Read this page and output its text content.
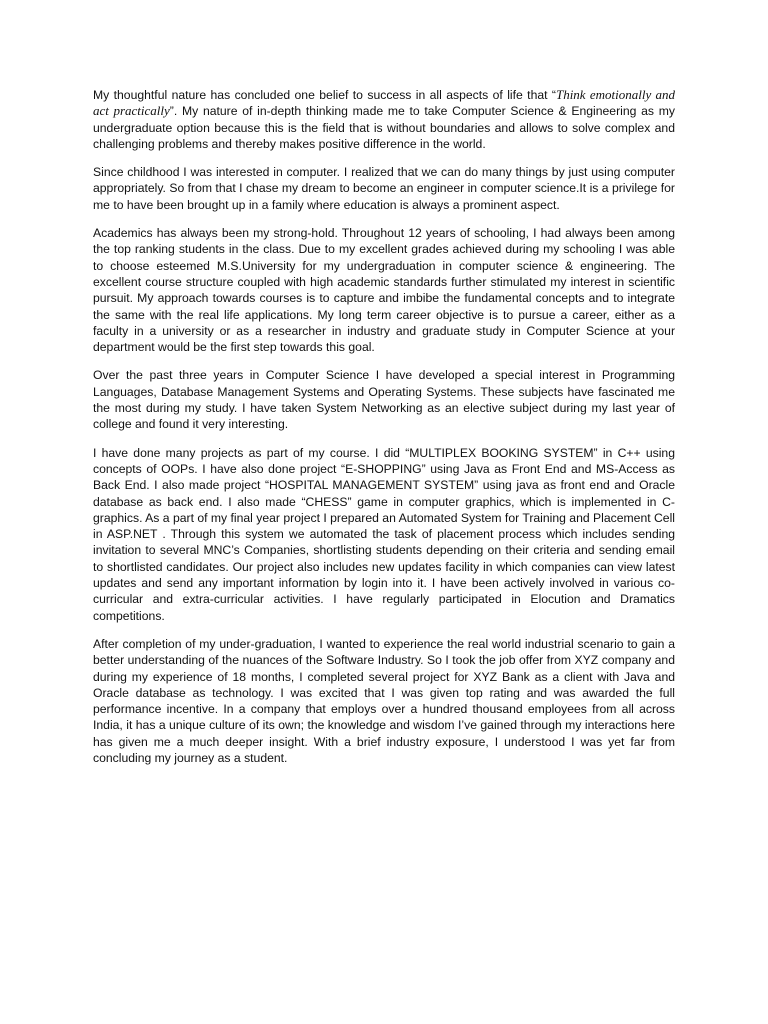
My thoughtful nature has concluded one belief to success in all aspects of life that “Think emotionally and act practically”. My nature of in-depth thinking made me to take Computer Science & Engineering as my undergraduate option because this is the field that is without boundaries and allows to solve complex and challenging problems and thereby makes positive difference in the world.

Since childhood I was interested in computer. I realized that we can do many things by just using computer appropriately. So from that I chase my dream to become an engineer in computer science.It is a privilege for me to have been brought up in a family where education is always a prominent aspect.

Academics has always been my strong-hold. Throughout 12 years of schooling, I had always been among the top ranking students in the class. Due to my excellent grades achieved during my schooling I was able to choose esteemed M.S.University for my undergraduation in computer science & engineering. The excellent course structure coupled with high academic standards further stimulated my interest in scientific pursuit. My approach towards courses is to capture and imbibe the fundamental concepts and to integrate the same with the real life applications. My long term career objective is to pursue a career, either as a faculty in a university or as a researcher in industry and graduate study in Computer Science at your department would be the first step towards this goal.

Over the past three years in Computer Science I have developed a special interest in Programming Languages, Database Management Systems and Operating Systems. These subjects have fascinated me the most during my study. I have taken System Networking as an elective subject during my last year of college and found it very interesting.

I have done many projects as part of my course. I did “MULTIPLEX BOOKING SYSTEM” in C++ using concepts of OOPs. I have also done project “E-SHOPPING” using Java as Front End and MS-Access as Back End. I also made project “HOSPITAL MANAGEMENT SYSTEM” using java as front end and Oracle database as back end. I also made “CHESS” game in computer graphics, which is implemented in C-graphics. As a part of my final year project I prepared an Automated System for Training and Placement Cell in ASP.NET . Through this system we automated the task of placement process which includes sending invitation to several MNC’s Companies, shortlisting students depending on their criteria and sending email to shortlisted candidates. Our project also includes new updates facility in which companies can view latest updates and send any important information by login into it. I have been actively involved in various co-curricular and extra-curricular activities. I have regularly participated in Elocution and Dramatics competitions.

After completion of my under-graduation, I wanted to experience the real world industrial scenario to gain a better understanding of the nuances of the Software Industry. So I took the job offer from XYZ company and during my experience of 18 months, I completed several project for XYZ Bank as a client with Java and Oracle database as technology. I was excited that I was given top rating and was awarded the full performance incentive. In a company that employs over a hundred thousand employees from all across India, it has a unique culture of its own; the knowledge and wisdom I’ve gained through my interactions here has given me a much deeper insight. With a brief industry exposure, I understood I was yet far from concluding my journey as a student.
